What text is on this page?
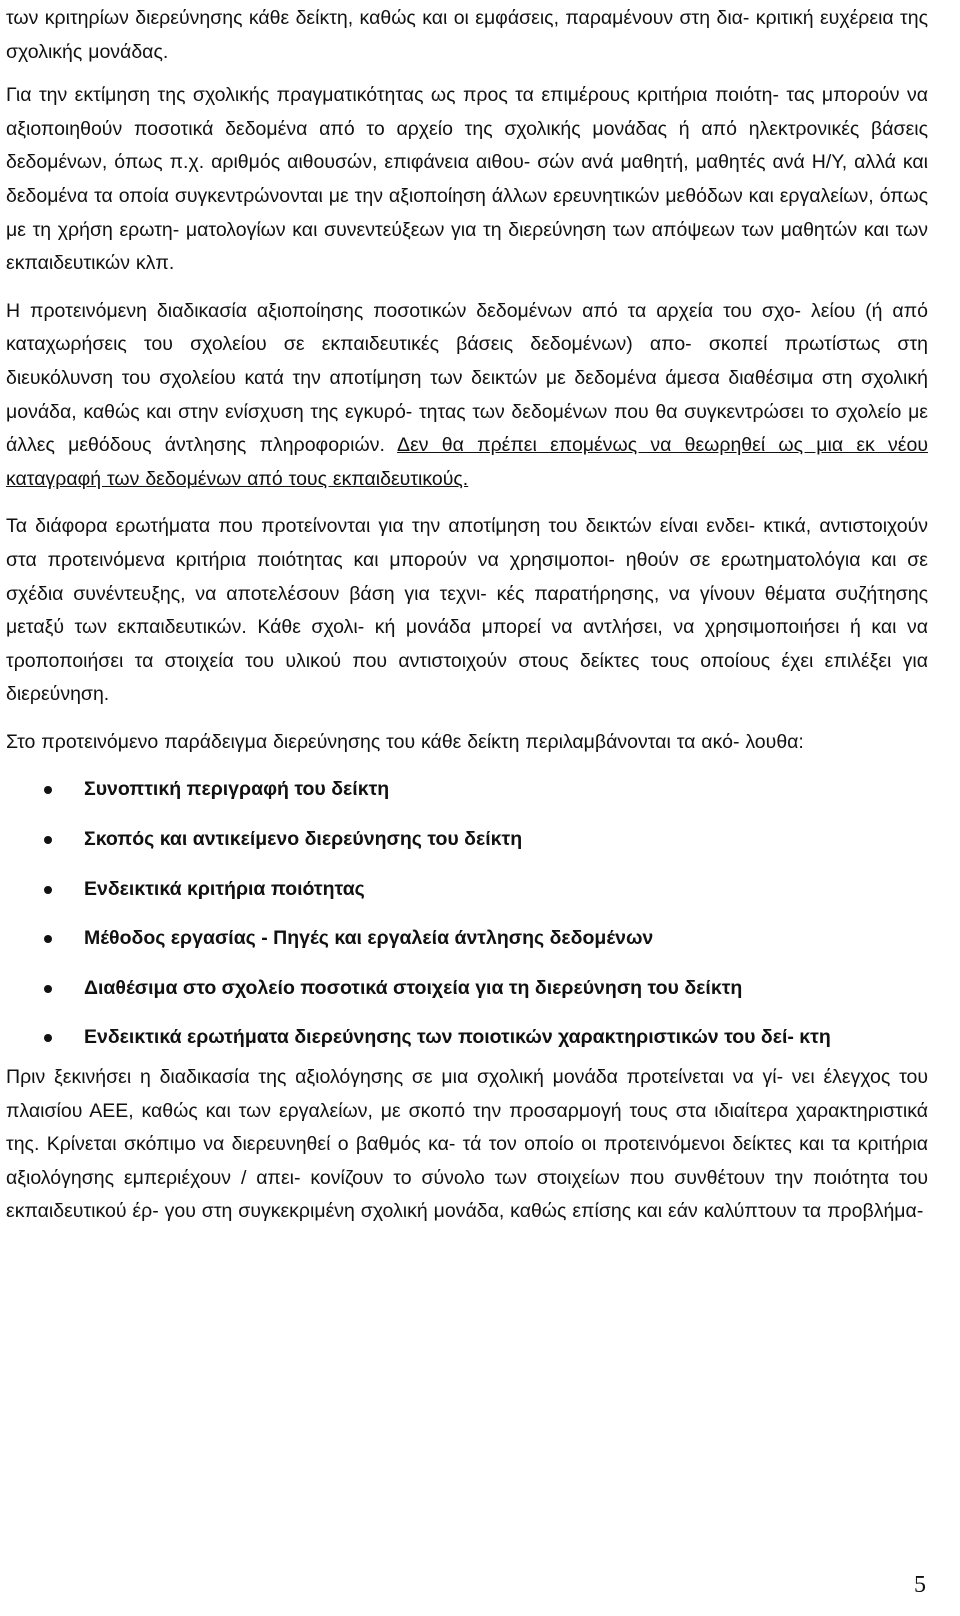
των κριτηρίων διερεύνησης κάθε δείκτη, καθώς και οι εμφάσεις, παραμένουν στη δια- κριτική ευχέρεια της σχολικής μονάδας.

Για την εκτίμηση της σχολικής πραγματικότητας ως προς τα επιμέρους κριτήρια ποιότη- τας μπορούν να αξιοποιηθούν ποσοτικά δεδομένα από το αρχείο της σχολικής μονάδας ή από ηλεκτρονικές βάσεις δεδομένων, όπως π.χ. αριθμός αιθουσών, επιφάνεια αιθου- σών ανά μαθητή, μαθητές ανά Η/Υ, αλλά και δεδομένα τα οποία συγκεντρώνονται με την αξιοποίηση άλλων ερευνητικών μεθόδων και εργαλείων, όπως με τη χρήση ερωτη- ματολογίων και συνεντεύξεων για τη διερεύνηση των απόψεων των μαθητών και των εκπαιδευτικών κλπ.

Η προτεινόμενη διαδικασία αξιοποίησης ποσοτικών δεδομένων από τα αρχεία του σχο- λείου (ή από καταχωρήσεις του σχολείου σε εκπαιδευτικές βάσεις δεδομένων) απο- σκοπεί πρωτίστως στη διευκόλυνση του σχολείου κατά την αποτίμηση των δεικτών με δεδομένα άμεσα διαθέσιμα στη σχολική μονάδα, καθώς και στην ενίσχυση της εγκυρό- τητας των δεδομένων που θα συγκεντρώσει το σχολείο με άλλες μεθόδους άντλησης πληροφοριών. Δεν θα πρέπει επομένως να θεωρηθεί ως μια εκ νέου καταγραφή των δεδομένων από τους εκπαιδευτικούς.

Τα διάφορα ερωτήματα που προτείνονται για την αποτίμηση του δεικτών είναι ενδει- κτικά, αντιστοιχούν στα προτεινόμενα κριτήρια ποιότητας και μπορούν να χρησιμοποι- ηθούν σε ερωτηματολόγια και σε σχέδια συνέντευξης, να αποτελέσουν βάση για τεχνι- κές παρατήρησης, να γίνουν θέματα συζήτησης μεταξύ των εκπαιδευτικών. Κάθε σχολι- κή μονάδα μπορεί να αντλήσει, να χρησιμοποιήσει ή και να τροποποιήσει τα στοιχεία του υλικού που αντιστοιχούν στους δείκτες τους οποίους έχει επιλέξει για διερεύνηση.

Στο προτεινόμενο παράδειγμα διερεύνησης του κάθε δείκτη περιλαμβάνονται τα ακό- λουθα:

Συνοπτική περιγραφή του δείκτη
Σκοπός και αντικείμενο διερεύνησης του δείκτη
Ενδεικτικά κριτήρια ποιότητας
Μέθοδος εργασίας - Πηγές και εργαλεία άντλησης δεδομένων
Διαθέσιμα στο σχολείο ποσοτικά στοιχεία για τη διερεύνηση του δείκτη
Ενδεικτικά ερωτήματα διερεύνησης των ποιοτικών χαρακτηριστικών του δεί- κτη

Πριν ξεκινήσει η διαδικασία της αξιολόγησης σε μια σχολική μονάδα προτείνεται να γί- νει έλεγχος του πλαισίου ΑΕΕ, καθώς και των εργαλείων, με σκοπό την προσαρμογή τους στα ιδιαίτερα χαρακτηριστικά της. Κρίνεται σκόπιμο να διερευνηθεί ο βαθμός κα- τά τον οποίο οι προτεινόμενοι δείκτες και τα κριτήρια αξιολόγησης εμπεριέχουν / απει- κονίζουν το σύνολο των στοιχείων που συνθέτουν την ποιότητα του εκπαιδευτικού έρ- γου στη συγκεκριμένη σχολική μονάδα, καθώς επίσης και εάν καλύπτουν τα προβλήμα-

5
